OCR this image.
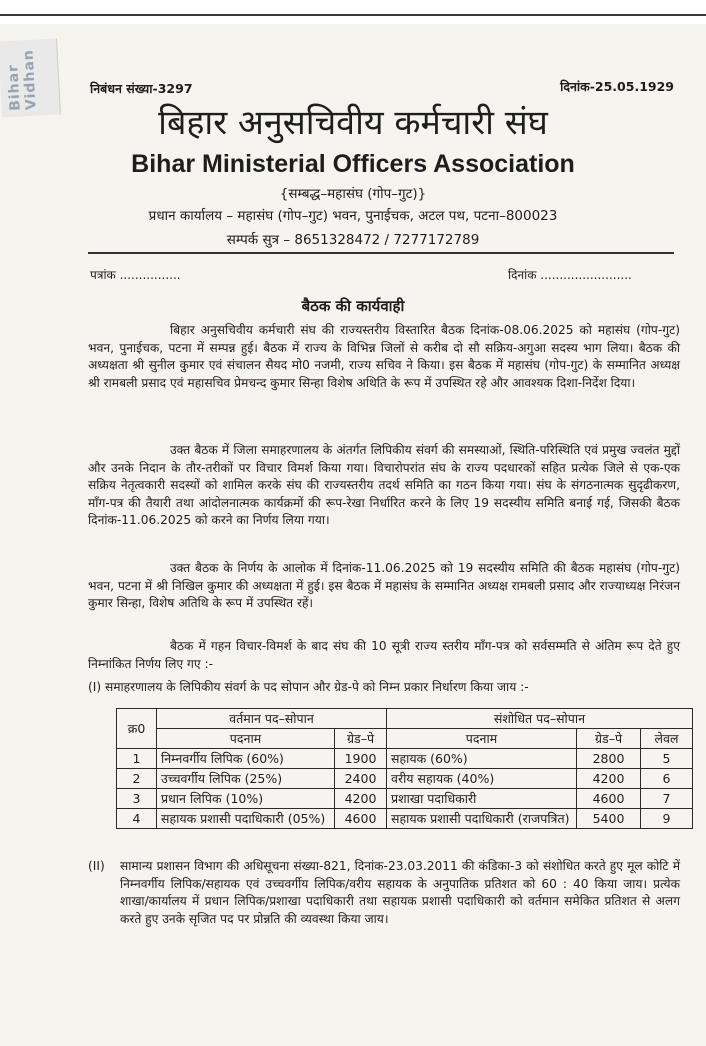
Bihar Vidhan	निबंधन संख्या-3297	दिनांक-25.05.1929
बिहार अनुसचिवीय कर्मचारी संघ
Bihar Ministerial Officers Association
{सम्बद्ध–महासंघ (गोप–गुट)}
प्रधान कार्यालय – महासंघ (गोप–गुट) भवन, पुनाईचक, अटल पथ, पटना–800023
सम्पर्क सुत्र – 8651328472 / 7277172789
पत्रांक ................	दिनांक ........................
बैठक की कार्यवाही
बिहार अनुसचिवीय कर्मचारी संघ की राज्यस्तरीय विस्तारित बैठक दिनांक-08.06.2025 को महासंघ (गोप-गुट) भवन, पुनाईचक, पटना में सम्पन्न हुई। बैठक में राज्य के विभिन्न जिलों से करीब दो सौ सक्रिय-अगुआ सदस्य भाग लिया। बैठक की अध्यक्षता श्री सुनील कुमार एवं संचालन सैयद मो0 नजमी, राज्य सचिव ने किया। इस बैठक में महासंघ (गोप-गुट) के सम्मानित अध्यक्ष श्री रामबली प्रसाद एवं महासचिव प्रेमचन्द कुमार सिन्हा विशेष अथिति के रूप में उपस्थित रहे और आवश्यक दिशा-निर्देश दिया।
उक्त बैठक में जिला समाहरणालय के अंतर्गत लिपिकीय संवर्ग की समस्याओं, स्थिति-परिस्थिति एवं प्रमुख ज्वलंत मुद्दों और उनके निदान के तौर-तरीकों पर विचार विमर्श किया गया। विचारोपरांत संघ के राज्य पदधारकों सहित प्रत्येक जिले से एक-एक सक्रिय नेतृत्वकारी सदस्यों को शामिल करके संघ की राज्यस्तरीय तदर्थ समिति का गठन किया गया। संघ के संगठनात्मक सुदृढीकरण, माँग-पत्र की तैयारी तथा आंदोलनात्मक कार्यक्रमों की रूप-रेखा निर्धारित करने के लिए 19 सदस्यीय समिति बनाई गई, जिसकी बैठक दिनांक-11.06.2025 को करने का निर्णय लिया गया।
उक्त बैठक के निर्णय के आलोक में दिनांक-11.06.2025 को 19 सदस्यीय समिति की बैठक महासंघ (गोप-गुट) भवन, पटना में श्री निखिल कुमार की अध्यक्षता में हुई। इस बैठक में महासंघ के सम्मानित अध्यक्ष रामबली प्रसाद और राज्याध्यक्ष निरंजन कुमार सिन्हा, विशेष अतिथि के रूप में उपस्थित रहें।
बैठक में गहन विचार-विमर्श के बाद संघ की 10 सूत्री राज्य स्तरीय माँग-पत्र को सर्वसम्मति से अंतिम रूप देते हुए निम्नांकित निर्णय लिए गए :-
(I) समाहरणालय के लिपिकीय संवर्ग के पद सोपान और ग्रेड-पे को निम्न प्रकार निर्धारण किया जाय :-
क्र0	वर्तमान पद–सोपान		संशोधित पद–सोपान		
	पदनाम	ग्रेड–पे	पदनाम	ग्रेड–पे	लेवल
1	निम्नवर्गीय लिपिक (60%)	1900	सहायक (60%)	2800	5
2	उच्चवर्गीय लिपिक (25%)	2400	वरीय सहायक (40%)	4200	6
3	प्रधान लिपिक (10%)	4200	प्रशाखा पदाधिकारी	4600	7
4	सहायक प्रशासी पदाधिकारी (05%)	4600	सहायक प्रशासी पदाधिकारी (राजपत्रित)	5400	9
(II) सामान्य प्रशासन विभाग की अधिसूचना संख्या-821, दिनांक-23.03.2011 की कंडिका-3 को संशोधित करते हुए मूल कोटि में निम्नवर्गीय लिपिक/सहायक एवं उच्चवर्गीय लिपिक/वरीय सहायक के अनुपातिक प्रतिशत को 60 : 40 किया जाय। प्रत्येक शाखा/कार्यालय में प्रधान लिपिक/प्रशाखा पदाधिकारी तथा सहायक प्रशासी पदाधिकारी को वर्तमान समेकित प्रतिशत से अलग करते हुए उनके सृजित पद पर प्रोन्नति की व्यवस्था किया जाय।
